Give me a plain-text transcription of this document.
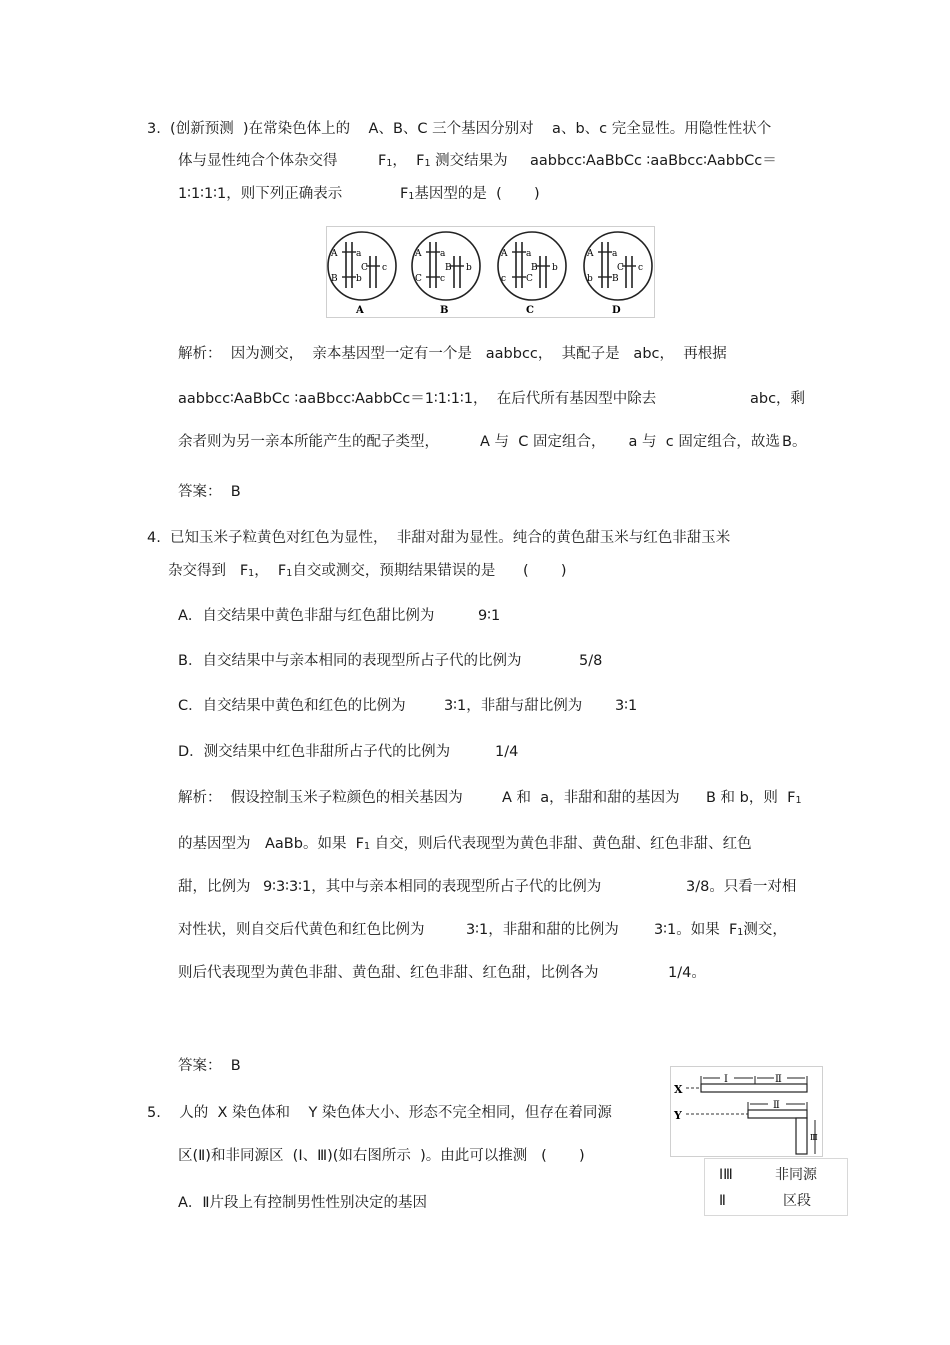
3.  (创新预测  )在常染色体上的    A、B、C 三个基因分别对    a、b、c 完全显性。用隐性性状个
体与显性纯合个体杂交得	F1，  F1 测交结果为 aabbcc∶AaBbCc ∶aaBbcc∶AabbCc＝
1∶1∶1∶1，则下列正确表示	F1基因型的是  (       )
A a
B b
C c
A
A a
C c
B b
B
A a
c C
B b
C
A a
b B
C c
D
解析：  因为测交，  亲本基因型一定有一个是   aabbcc，  其配子是   abc，  再根据
aabbcc∶AaBbCc ∶aaBbcc∶AabbCc＝1∶1∶1∶1，  在后代所有基因型中除去	abc，剩
余者则为另一亲本所能产生的配子类型，	A 与  C 固定组合，     a 与  c 固定组合，故选 B。
答案：  B
4.  已知玉米子粒黄色对红色为显性，  非甜对甜为显性。纯合的黄色甜玉米与红色非甜玉米
杂交得到 F1，  F1自交或测交，预期结果错误的是      (       )
A．自交结果中黄色非甜与红色甜比例为	9∶1
B．自交结果中与亲本相同的表现型所占子代的比例为	5/8
C．自交结果中黄色和红色的比例为	3∶1，非甜与甜比例为 3∶1
D．测交结果中红色非甜所占子代的比例为	1/4
解析：  假设控制玉米子粒颜色的相关基因为	A 和  a，非甜和甜的基因为 B 和 b，则  F1
的基因型为 AaBb。如果  F1 自交，则后代表现型为黄色非甜、黄色甜、红色非甜、红色
甜，比例为 9∶3∶3∶1，其中与亲本相同的表现型所占子代的比例为	3/8。只看一对相
对性状，则自交后代黄色和红色比例为	3∶1，非甜和甜的比例为 3∶1。如果  F1测交，
则后代表现型为黄色非甜、黄色甜、红色非甜、红色甜，比例各为	1/4。
答案：  B
5.    人的  X 染色体和    Y 染色体大小、形态不完全相同，但存在着同源
区(Ⅱ)和非同源区  (Ⅰ、Ⅲ)(如右图所示  )。由此可以推测   (       )
A．Ⅱ片段上有控制男性性别决定的基因
X
Y
Ⅰ	Ⅱ
Ⅱ
Ⅲ
ⅠⅢ	非同源
Ⅱ	区段
